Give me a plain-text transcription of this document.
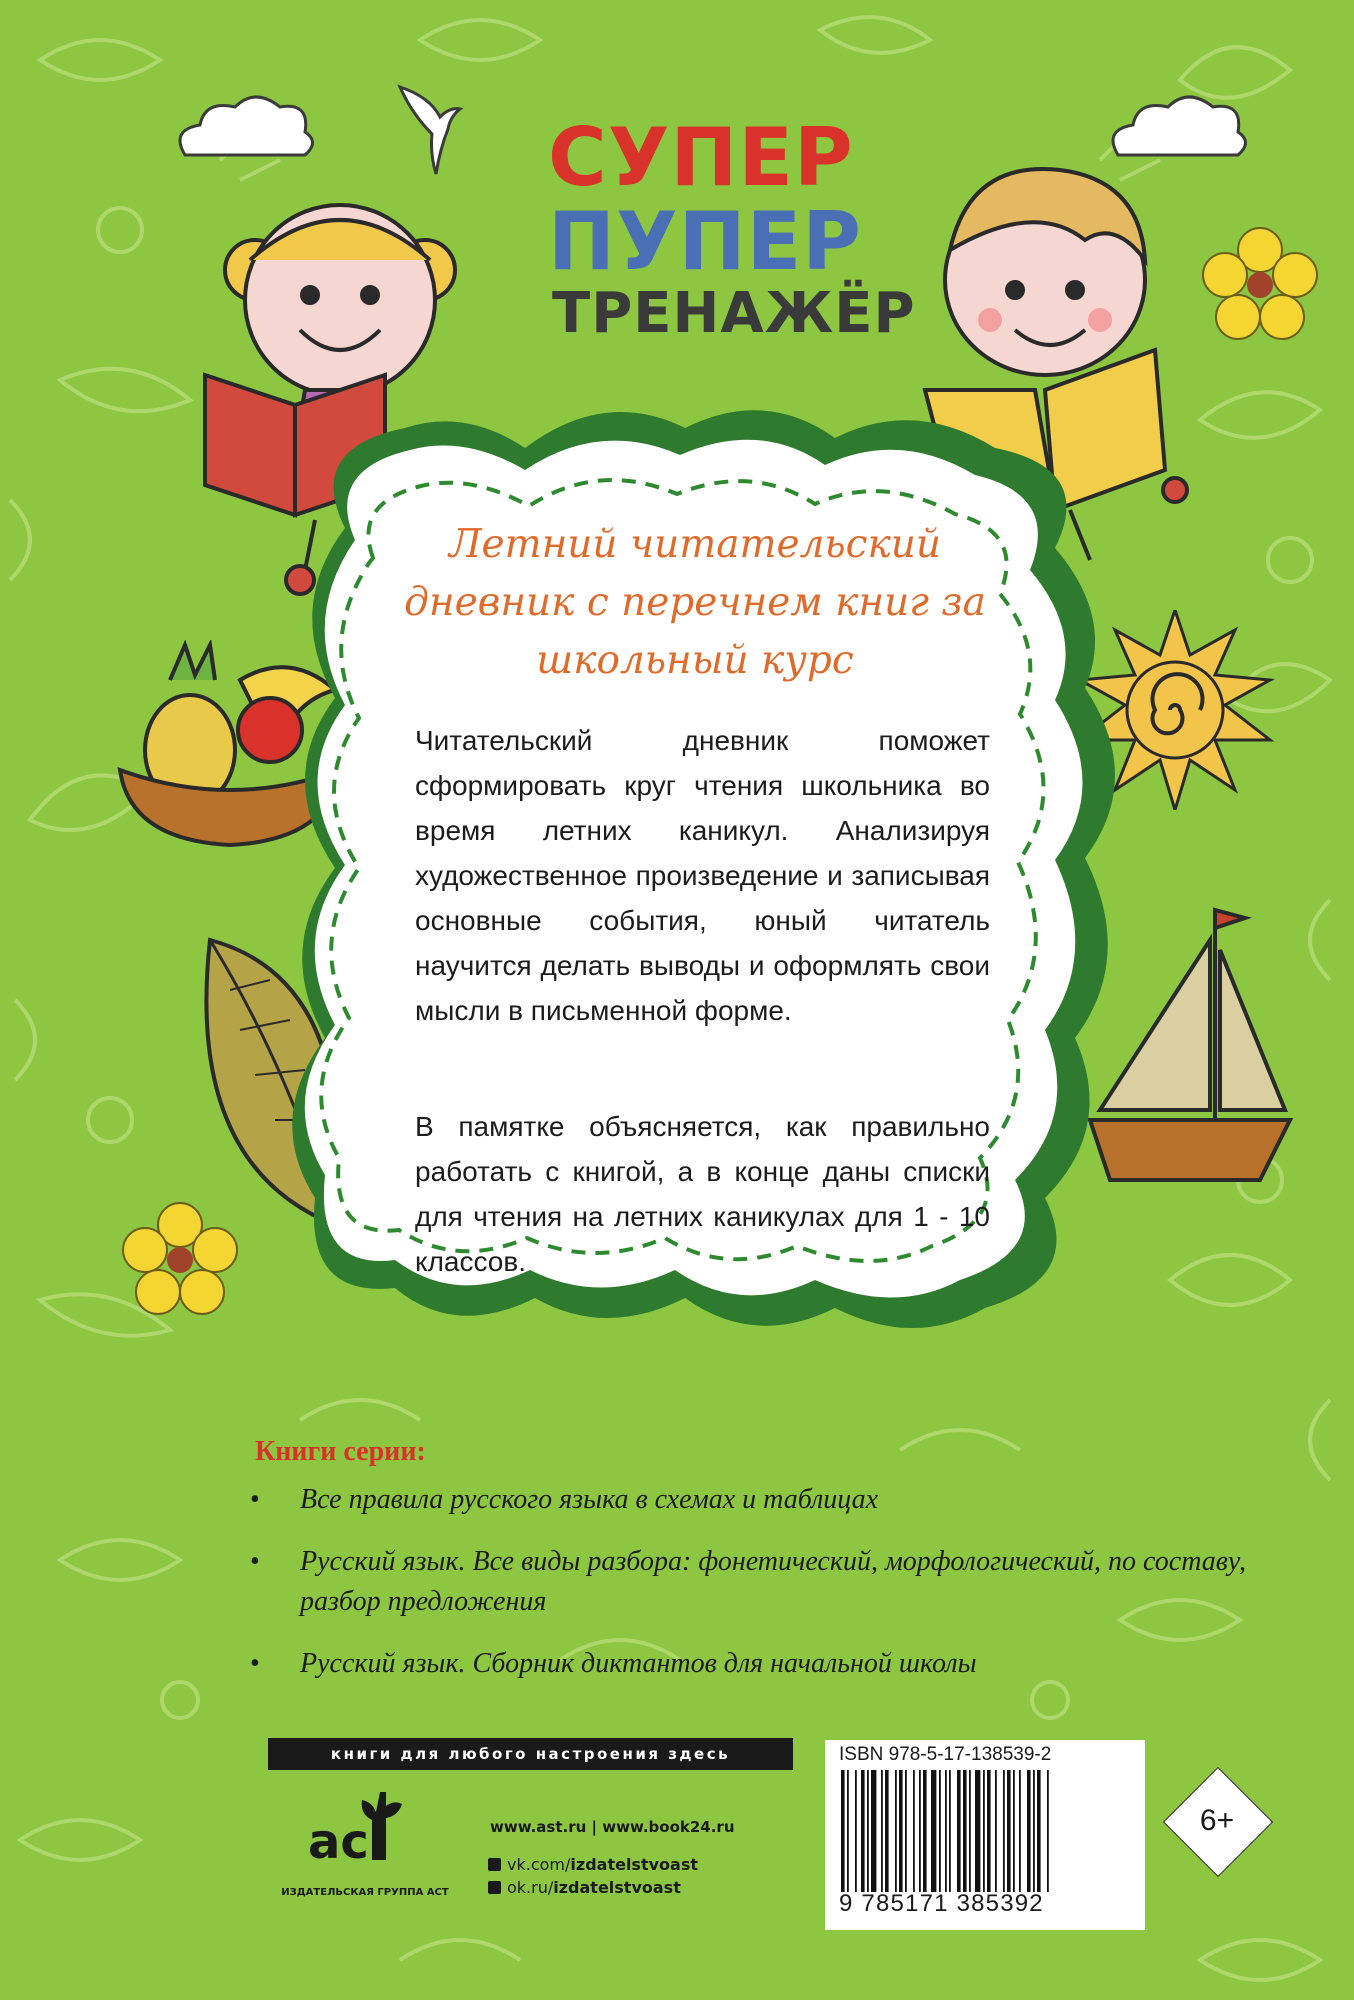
СУПЕР
ПУПЕР
ТРЕНАЖЁР
Летний читательский дневник с перечнем книг за школьный курс
Читательский дневник поможет сформировать круг чтения школьника во время летних каникул. Анализируя художественное произведение и записывая основные события, юный читатель научится делать выводы и оформлять свои мысли в письменной форме.
В памятке объясняется, как правильно работать с книгой, а в конце даны списки для чтения на летних каникулах для 1 - 10 классов.
Книги серии:
• Все правила русского языка в схемах и таблицах
• Русский язык. Все виды разбора: фонетический, морфологический, по составу, разбор предложения
• Русский язык. Сборник диктантов для начальной школы
книги для любого настроения здесь
ac
ИЗДАТЕЛЬСКАЯ ГРУППА АСТ
www.ast.ru | www.book24.ru
vk.com/ izdatelstvoast
ok.ru/ izdatelstvoast
ISBN 978-5-17-138539-2
9 785171 385392
6+
